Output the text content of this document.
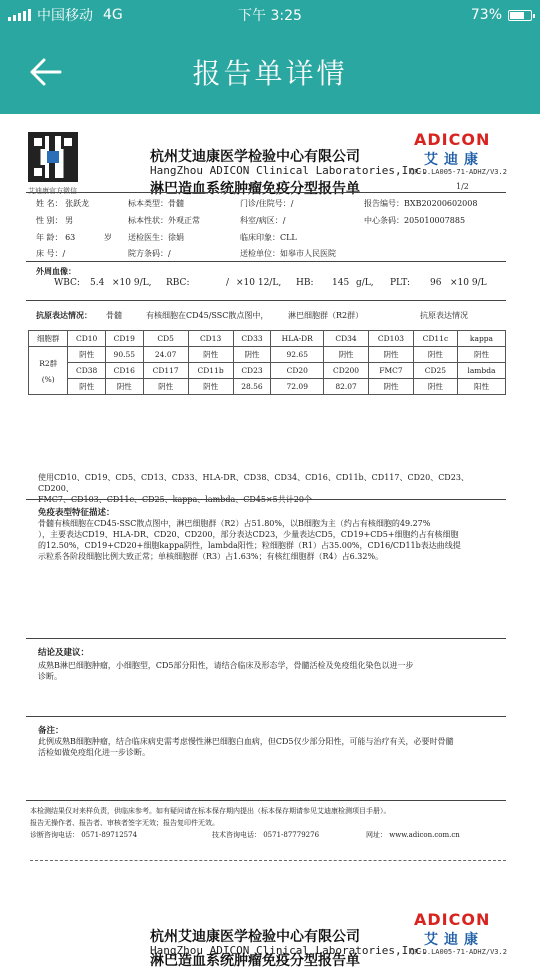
中国移动 4G	下午 3:25	73%
报告单详情
艾迪康官方微信
杭州艾迪康医学检验中心有限公司
HangZhou ADICON Clinical Laboratories,Inc.
淋巴造血系统肿瘤免疫分型报告单
ADICON
艾迪康
QR-D.LA005-71-ADHZ/V3.2
1/2
姓 名： 张跃龙	标本类型：骨髓	门诊/住院号：/	报告编号：BXB20200602008
性 别： 男	标本性状：外观正常	科室/病区：/	中心条码：205010007885
年 龄： 63	岁 送检医生：徐娟	临床印象：CLL
床 号：/	院方条码：/	送检单位：如皋市人民医院
外周血像：
WBC: 5.4 ×10 9/L, RBC:	/ ×10 12/L, HB: 145 g/L, PLT: 96 ×10 9/L
抗原表达情况： 骨髓	有核细胞在CD45/SSC散点图中， 淋巴细胞群（R2群）	抗原表达情况
细胞群	CD10	CD19	CD5	CD13	CD33	HLA-DR	CD34	CD103	CD11c	kappa

R2群
(%)	阴性	90.55	24.07	阴性	阴性	92.65	阴性	阴性	阴性	阴性
	CD38	CD16	CD117	CD11b	CD23	CD20	CD200	FMC7	CD25	lambda
	阴性	阴性	阴性	阴性	28.56	72.09	82.07	阴性	阴性	阳性
使用CD10、CD19、CD5、CD13、CD33、HLA-DR、CD38、CD34、CD16、CD11b、CD117、CD20、CD23、CD200、
FMC7、CD103、CD11c、CD25、kappa、lambda、CD45×5共计20个
免疫表型特征描述：
骨髓有核细胞在CD45-SSC散点图中，淋巴细胞群（R2）占51.80%，以B细胞为主（约占有核细胞的49.27%
），主要表达CD19、HLA-DR、CD20、CD200，部分表达CD23，少量表达CD5，CD19+CD5+细胞约占有核细胞
的12.50%，CD19+CD20+细胞kappa阴性，lambda阳性；粒细胞群（R1）占35.00%，CD16/CD11b表达曲线提
示粒系各阶段细胞比例大致正常；单核细胞群（R3）占1.63%；有核红细胞群（R4）占6.32%。
结论及建议：
成熟B淋巴细胞肿瘤，小细胞型，CD5部分阳性，请结合临床及形态学，骨髓活检及免疫组化染色以进一步
诊断。
备注：
此例成熟B细胞肿瘤，结合临床病史需考虑慢性淋巴细胞白血病，但CD5仅少部分阳性，可能与治疗有关，必要时骨髓
活检如做免疫组化进一步诊断。
本检测结果仅对来样负责，供临床参考。如有疑问请在标本保存期内提出（标本保存期请参见艾迪康检测项目手册）。
报告无操作者、报告者、审核者签字无效；报告复印件无效。
诊断咨询电话： 0571-89712574	技术咨询电话： 0571-87779276	网址： www.adicon.com.cn
杭州艾迪康医学检验中心有限公司
HangZhou ADICON Clinical Laboratories,Inc.
淋巴造血系统肿瘤免疫分型报告单
ADICON
艾迪康
QR-D.LA005-71-ADHZ/V3.2
